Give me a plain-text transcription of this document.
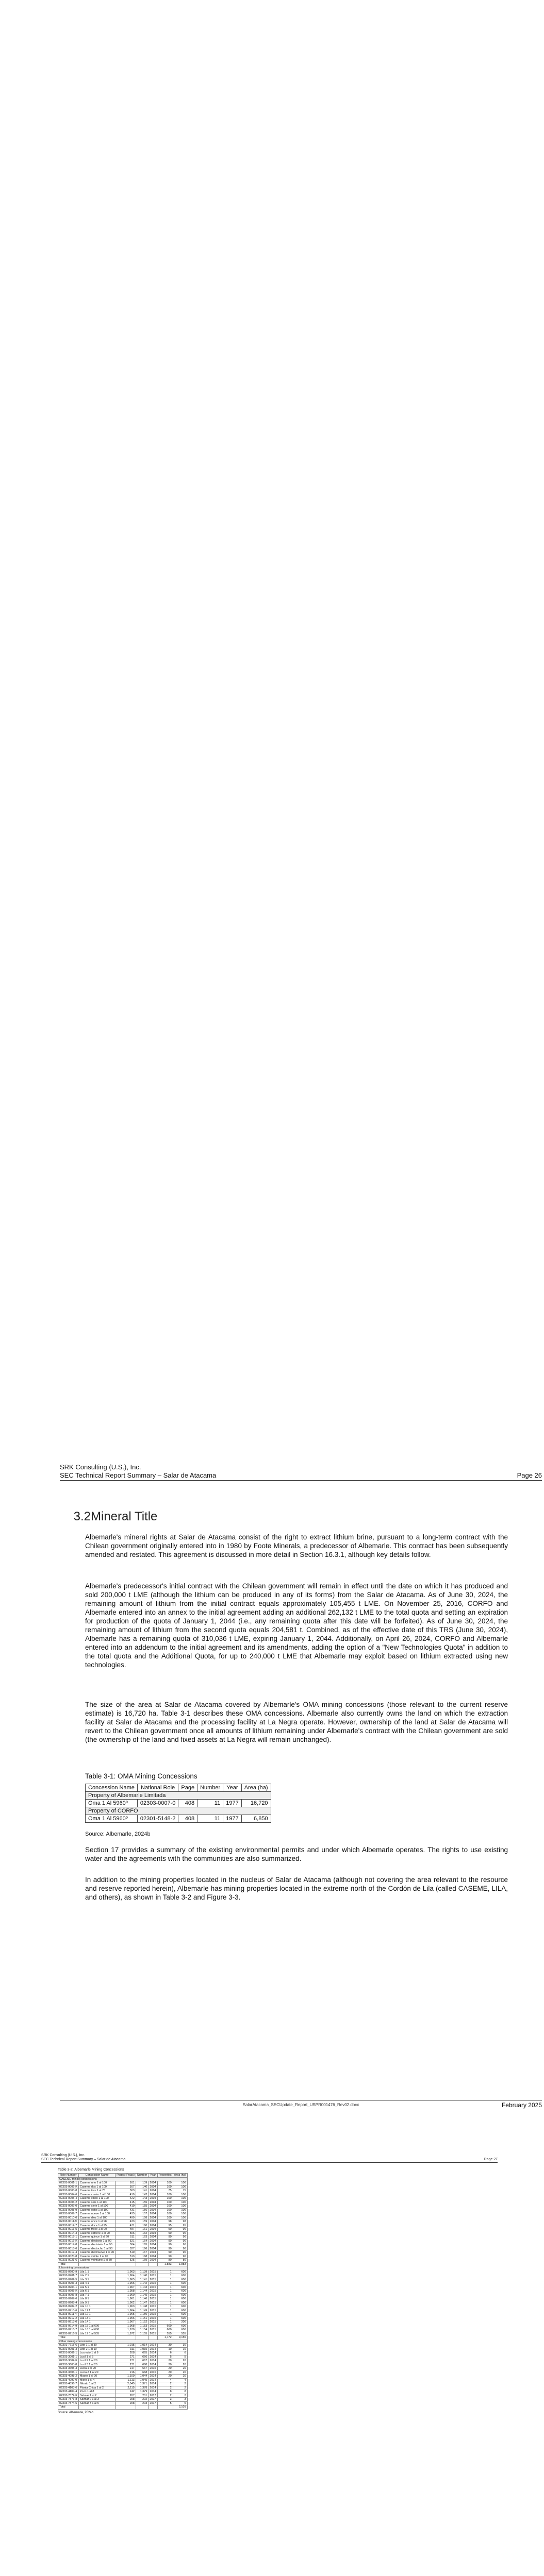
SRK Consulting (U.S.), Inc.
SEC Technical Report Summary – Salar de Atacama	Page 26
3.2Mineral Title

Albemarle's mineral rights at Salar de Atacama consist of the right to extract lithium brine, pursuant to a long-term contract with the Chilean government originally entered into in 1980 by Foote Minerals, a predecessor of Albemarle. This contract has been subsequently amended and restated. This agreement is discussed in more detail in Section 16.3.1, although key details follow.

Albemarle's predecessor's initial contract with the Chilean government will remain in effect until the date on which it has produced and sold 200,000 t LME (although the lithium can be produced in any of its forms) from the Salar de Atacama. As of June 30, 2024, the remaining amount of lithium from the initial contract equals approximately 105,455 t LME. On November 25, 2016, CORFO and Albemarle entered into an annex to the initial agreement adding an additional 262,132 t LME to the total quota and setting an expiration for production of the quota of January 1, 2044 (i.e., any remaining quota after this date will be forfeited). As of June 30, 2024, the remaining amount of lithium from the second quota equals 204,581 t. Combined, as of the effective date of this TRS (June 30, 2024), Albemarle has a remaining quota of 310,036 t LME, expiring January 1, 2044. Additionally, on April 26, 2024, CORFO and Albemarle entered into an addendum to the initial agreement and its amendments, adding the option of a "New Technologies Quota" in addition to the total quota and the Additional Quota, for up to 240,000 t LME that Albemarle may exploit based on lithium extracted using new technologies.

The size of the area at Salar de Atacama covered by Albemarle's OMA mining concessions (those relevant to the current reserve estimate) is 16,720 ha. Table 3-1 describes these OMA concessions. Albemarle also currently owns the land on which the extraction facility at Salar de Atacama and the processing facility at La Negra operate. However, ownership of the land at Salar de Atacama will revert to the Chilean government once all amounts of lithium remaining under Albemarle's contract with the Chilean government are sold (the ownership of the land and fixed assets at La Negra will remain unchanged).

Table 3-1: OMA Mining Concessions
Concession Name	National Role	Page	Number	Year	Area (ha)
Property of Albemarle Limitada					
Oma 1 Al 5960º	02303-0007-0	408	11	1977	16,720
Property of CORFO					
Oma 1 Al 5960º	02301-5148-2	408	11	1977	6,850
Source: Albemarle, 2024b

Section 17 provides a summary of the existing environmental permits and under which Albemarle operates. The rights to use existing water and the agreements with the communities are also summarized.

In addition to the mining properties located in the nucleus of Salar de Atacama (although not covering the area relevant to the resource and reserve reported herein), Albemarle has mining properties located in the extreme north of the Cordón de Lila (called CASEME, LILA, and others), as shown in Table 3-2 and Figure 3-3.

SalarAtacama_SECUpdate_Report_USPR001476_Rev02.docx	February 2025
SRK Consulting (U.S.), Inc.
SEC Technical Report Summary – Salar de Atacama	Page 27
Table 3-2: Albemarle Mining Concessions
Role Number	Concession Name	Pages (Pojas)	Number	Year	Properties	Area (ha)
CASEME mining concessions						
02303-0001-1	Caseme uno 1 al 100	161	139	2004	100	100
02303-0002-K	Caseme dos 1 al 100	167	140	2004	100	100
02303-0003-8	Caseme tres 1 al 75	503	141	2004	75	75
02303-0004-6	Caseme cuatro 1 al 100	419	142	2004	100	100
02303-0005-4	Caseme cinco 1 al 100	422	143	2004	100	100
02303-0006-2	Caseme seis 1 al 100	415	155	2004	100	100
02303-0007-0	Caseme siete 1 al 100	410	155	2004	100	100
02303-0008-9	Caseme ocho 1 al 100	431	156	2004	100	100
02303-0009-7	Caseme nueve 1 al 100	435	157	2004	100	100
02303-0010-0	Caseme diez 1 al 100	499	158	2004	100	100
02303-0011-9	Caseme once 1 al 98	433	159	2004	98	98
02303-0012-7	Caseme doce 1 al 95	471	160	2004	95	95
02303-0013-5	Caseme trece 1 al 90	487	161	2004	90	90
02303-0014-3	Caseme catorce 1 al 90	506	162	2004	90	90
02303-0015-1	Caseme quince 1 al 90	511	163	2004	90	90
02303-0016-K	Caseme dieciseis 1 al 90	521	164	2004	90	90
02303-0017-8	Caseme diecisiete 1 al 90	504	165	2004	90	90
02303-0018-6	Caseme dieciocho 1 al 90	527	166	2004	90	90
02303-0019-4	Caseme diecinueve 1 al 90	510	167	2004	90	90
02303-0020-8	Caseme veinte 1 al 90	513	168	2004	90	90
02303-0021-6	Caseme veintiuno 1 al 80	525	169	2004	80	80
Total					1,883	1,883
Lila mining concessions						
02303-0900-9	Lila 1 1	1,963	1,139	2015	1	600
02303-0901-7	Lila 2 1	1,964	1,140	2015	1	600
02303-0902-5	Lila 3 1	1,965	1,141	2015	1	600
02303-0903-3	Lila 4 1	1,966	1,142	2015	1	600
02303-0904-1	Lila 5 1	1,967	1,143	2015	1	600
02303-0905-K	Lila 6 1	1,958	1,144	2015	1	600
02303-0906-8	Lila 7 1	1,960	1,145	2015	1	600
02303-0907-6	Lila 8 1	1,961	1,146	2015	1	600
02303-0908-4	Lila 9 1	1,962	1,147	2015	1	600
02303-0909-2	Lila 10 1	1,963	1,148	2015	1	600
02303-0910-6	Lila 11 1	1,964	1,149	2015	1	600
02303-0911-4	Lila 12 1	1,965	1,150	2015	1	600
02303-0912-2	Lila 13 1	1,966	1,151	2015	1	600
02303-0913-0	Lila 14 1	1,967	1,152	2015	1	200
02303-0914-9	Lila 15 1 al 600	1,968	1,153	2015	600	600
02303-0915-7	Lila 16 1 al 600	1,970	1,154	2015	600	600
02303-0916-5	Lila 17 1 al 555	1,972	1,155	2015	555	555
Total					1,772	9,155
Other mining concessions						
02301-7715-6	Litio 1 1 al 30	1,015	1,014	2014	30	30
02301-0001-3	Litio 2 1 al 10	311	1,015	2014	10	10
02301-0002-1	Lucrecio 1 al 6	208	665	2014	6	6
02303-3001-1	Lucil 1 al 5	271	666	2014	5	5
02303-3002-K	Lucil 2 1 al 20	271	667	2014	20	20
02303-3603-8	Lucil 3 1 al 20	271	668	2014	20	20
02303-3605-3	Lucia 1 al 20	217	667	2015	20	20
02303-3606-1	Lucia 2 1 al 20	216	668	2015	20	20
02303-4098-2	Macro 1 al 20	1,109	1,044	2014	20	20
02303-4099-0	Micro 1 al 4	1,113	1,045	2014	4	4
02303-4096-7	Nitrato 1 al 2	2,045	1,371	2014	2	2
02303-4103-6	Planta Chica 1 al 2	2,115	1,378	2014	2	2
02303-4104-4	Pozo 1 al 8	242	1,379	2014	8	8
02303-7872-K	Salmar 1 al 2	207	201	2017	2	2
02303-7873-8	Salmar 2 1 al 3	208	202	2017	3	3
02303-7874-6	Salmar 3 1 al 5	208	203	2017	5	5
Total						2,101
Source: Albemarle, 2024b
